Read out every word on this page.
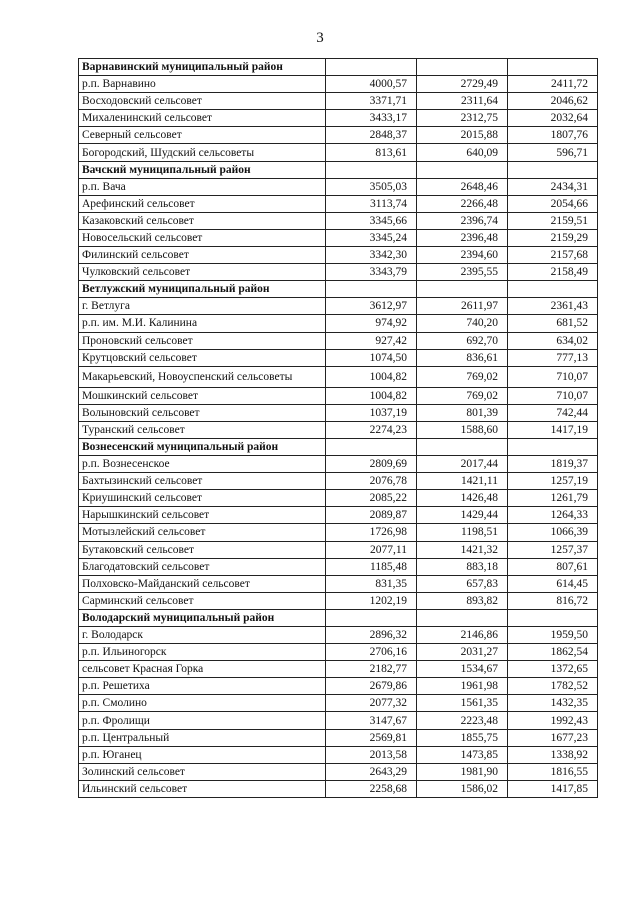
3
Варнавинский муниципальный район			
р.п. Варнавино	4000,57	2729,49	2411,72
Восходовский сельсовет	3371,71	2311,64	2046,62
Михаленинский сельсовет	3433,17	2312,75	2032,64
Северный сельсовет	2848,37	2015,88	1807,76
Богородский, Шудский сельсоветы	813,61	640,09	596,71
Вачский муниципальный район			
р.п. Вача	3505,03	2648,46	2434,31
Арефинский сельсовет	3113,74	2266,48	2054,66
Казаковский сельсовет	3345,66	2396,74	2159,51
Новосельский сельсовет	3345,24	2396,48	2159,29
Филинский сельсовет	3342,30	2394,60	2157,68
Чулковский сельсовет	3343,79	2395,55	2158,49
Ветлужский муниципальный район			
г. Ветлуга	3612,97	2611,97	2361,43
р.п. им. М.И. Калинина	974,92	740,20	681,52
Проновский сельсовет	927,42	692,70	634,02
Крутцовский сельсовет	1074,50	836,61	777,13
Макарьевский, Новоуспенский сельсоветы	1004,82	769,02	710,07
Мошкинский сельсовет	1004,82	769,02	710,07
Волыновский сельсовет	1037,19	801,39	742,44
Туранский сельсовет	2274,23	1588,60	1417,19
Вознесенский муниципальный район			
р.п. Вознесенское	2809,69	2017,44	1819,37
Бахтызинский сельсовет	2076,78	1421,11	1257,19
Криушинский сельсовет	2085,22	1426,48	1261,79
Нарышкинский сельсовет	2089,87	1429,44	1264,33
Мотызлейский сельсовет	1726,98	1198,51	1066,39
Бутаковский сельсовет	2077,11	1421,32	1257,37
Благодатовский сельсовет	1185,48	883,18	807,61
Полховско-Майданский сельсовет	831,35	657,83	614,45
Сарминский сельсовет	1202,19	893,82	816,72
Володарский муниципальный район			
г. Володарск	2896,32	2146,86	1959,50
р.п. Ильиногорск	2706,16	2031,27	1862,54
сельсовет Красная Горка	2182,77	1534,67	1372,65
р.п. Решетиха	2679,86	1961,98	1782,52
р.п. Смолино	2077,32	1561,35	1432,35
р.п. Фролищи	3147,67	2223,48	1992,43
р.п. Центральный	2569,81	1855,75	1677,23
р.п. Юганец	2013,58	1473,85	1338,92
Золинский сельсовет	2643,29	1981,90	1816,55
Ильинский сельсовет	2258,68	1586,02	1417,85
